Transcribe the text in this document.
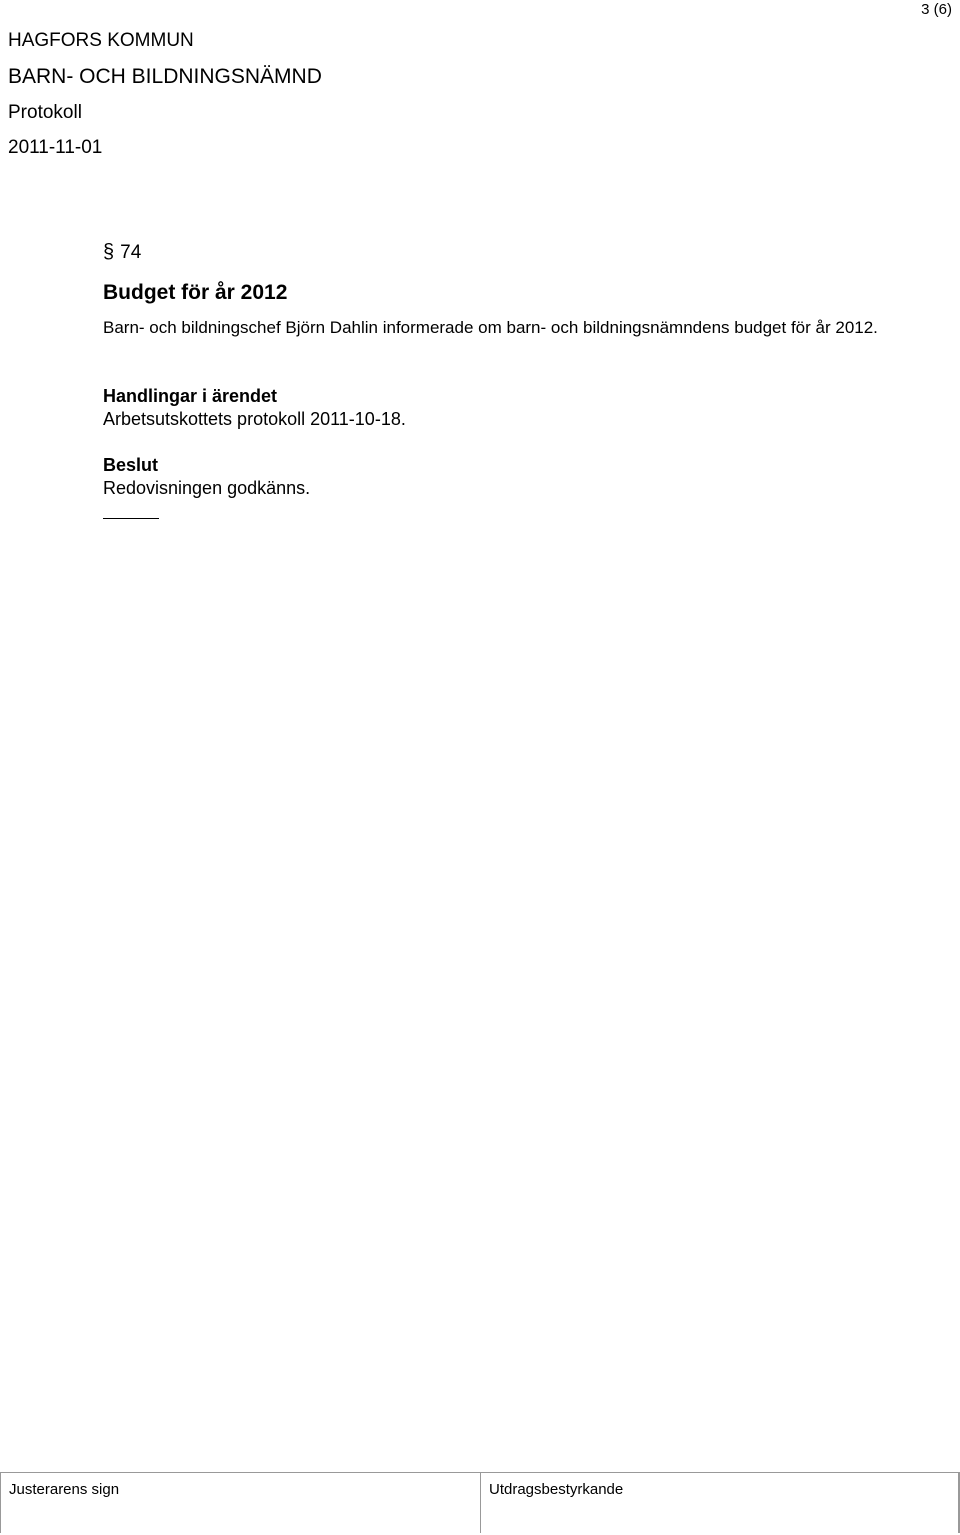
3 (6)
HAGFORS KOMMUN
BARN- OCH BILDNINGSNÄMND
Protokoll
2011-11-01
§ 74
Budget för år 2012
Barn- och bildningschef Björn Dahlin informerade om barn- och bildningsnämndens budget för år 2012.
Handlingar i ärendet
Arbetsutskottets protokoll 2011-10-18.
Beslut
Redovisningen godkänns.
Justerarens sign	Utdragsbestyrkande
